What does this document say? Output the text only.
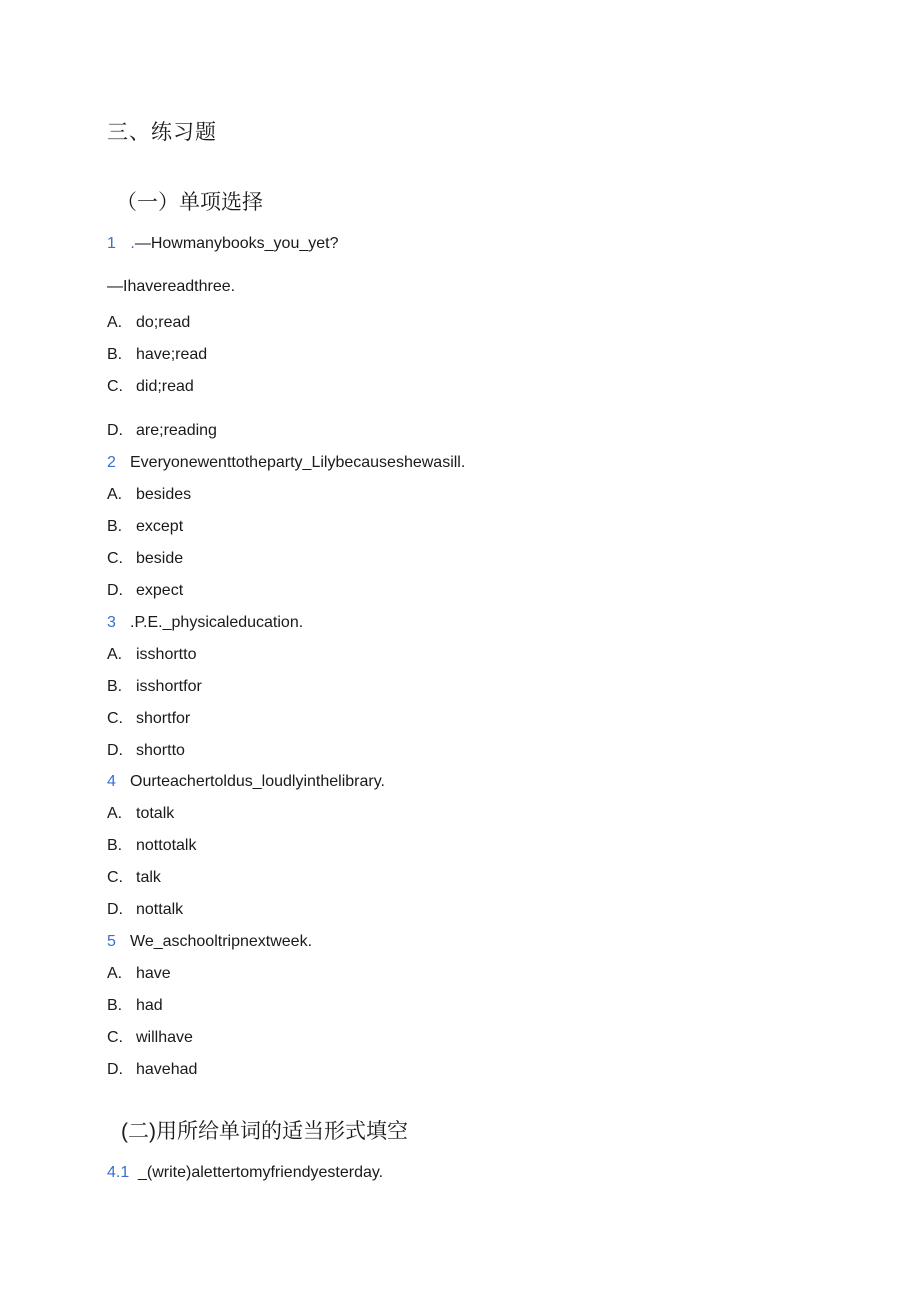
三、练习题
（一）单项选择
1 .—Howmanybooks_you_yet?
—Ihavereadthree.
A. do;read
B. have;read
C. did;read
D. are;reading
2 Everyonewenttotheparty_Lilybecauseshewasill.
A. besides
B. except
C. beside
D. expect
3 .P.E._physicaleducation.
A. isshortto
B. isshortfor
C. shortfor
D. shortto
4 Ourteachertoldus_loudlyinthelibrary.
A. totalk
B. nottotalk
C. talk
D. nottalk
5 We_aschooltripnextweek.
A. have
B. had
C. willhave
D. havehad
(二)用所给单词的适当形式填空
4.1 _(write)alettertomyfriendyesterday.
